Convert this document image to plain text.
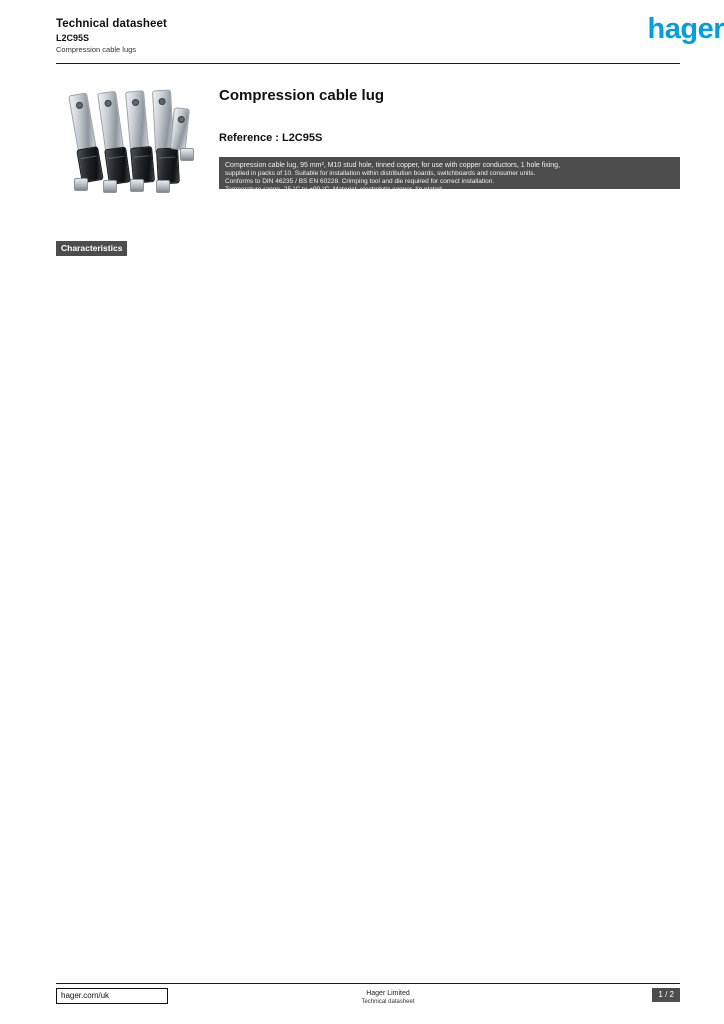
Technical datasheet
L2C95S
Compression cable lugs
hager
Compression cable lug
Reference : L2C95S
Compression cable lug, 95 mm², M10 stud hole, tinned copper, for use with copper conductors, 1 hole fixing,
supplied in packs of 10. Suitable for installation within distribution boards, switchboards and consumer units.
Conforms to DIN 46235 / BS EN 60228. Crimping tool and die required for correct installation.
Temperature range -25 °C to +90 °C. Material: electrolytic copper, tin plated.
Characteristics
hager.com/uk	Hager Limited
Technical datasheet
1 / 2
